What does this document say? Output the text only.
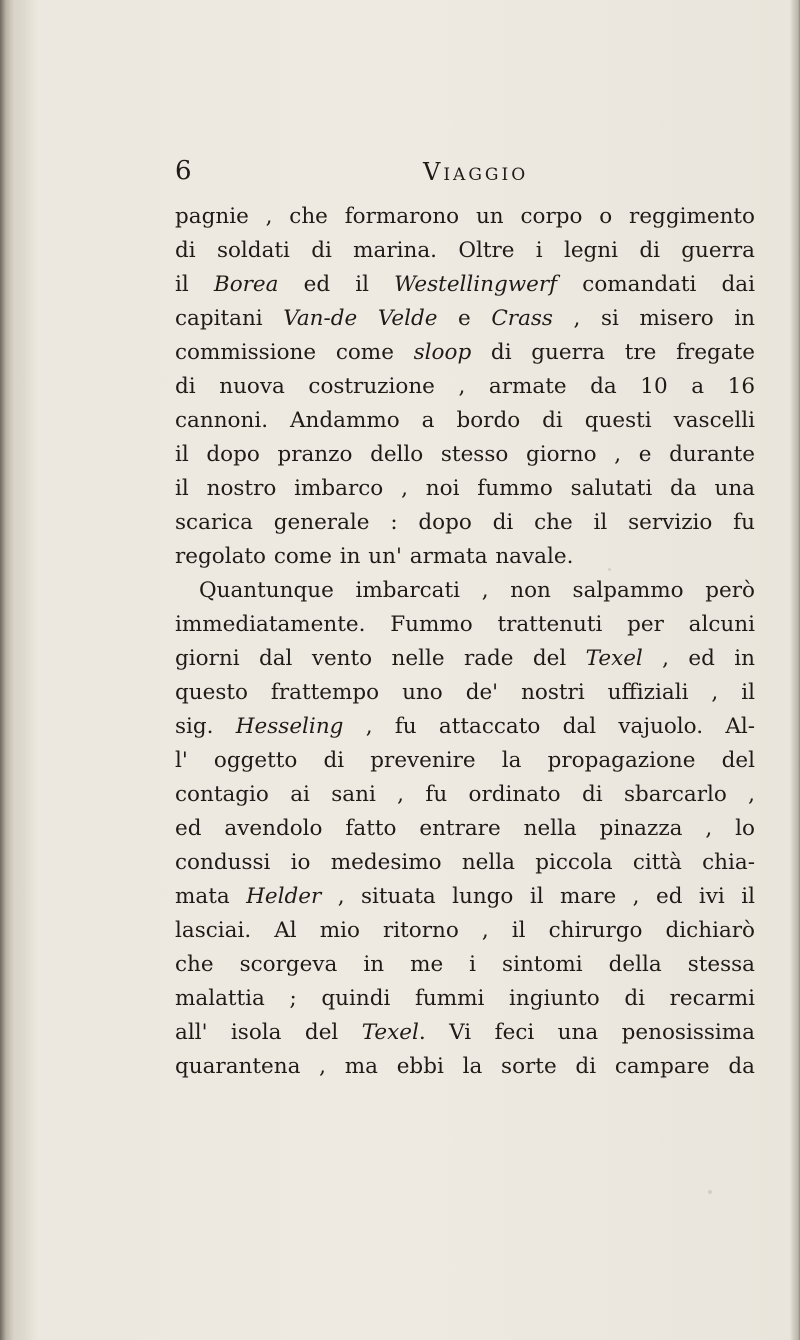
6	Viaggio
pagnie , che formarono un corpo o reggimento
di soldati di marina. Oltre i legni di guerra
il Borea ed il Westellingwerf comandati dai
capitani Van-de Velde e Crass , si misero in
commissione come sloop di guerra tre fregate
di nuova costruzione , armate da 10 a 16
cannoni. Andammo a bordo di questi vascelli
il dopo pranzo dello stesso giorno , e durante
il nostro imbarco , noi fummo salutati da una
scarica generale : dopo di che il servizio fu
regolato come in un' armata navale.
Quantunque imbarcati , non salpammo però
immediatamente. Fummo trattenuti per alcuni
giorni dal vento nelle rade del Texel , ed in
questo frattempo uno de' nostri uffiziali , il
sig. Hesseling , fu attaccato dal vajuolo. Al-
l' oggetto di prevenire la propagazione del
contagio ai sani , fu ordinato di sbarcarlo ,
ed avendolo fatto entrare nella pinazza , lo
condussi io medesimo nella piccola città chia-
mata Helder , situata lungo il mare , ed ivi il
lasciai. Al mio ritorno , il chirurgo dichiarò
che scorgeva in me i sintomi della stessa
malattia ; quindi fummi ingiunto di recarmi
all' isola del Texel. Vi feci una penosissima
quarantena , ma ebbi la sorte di campare da
